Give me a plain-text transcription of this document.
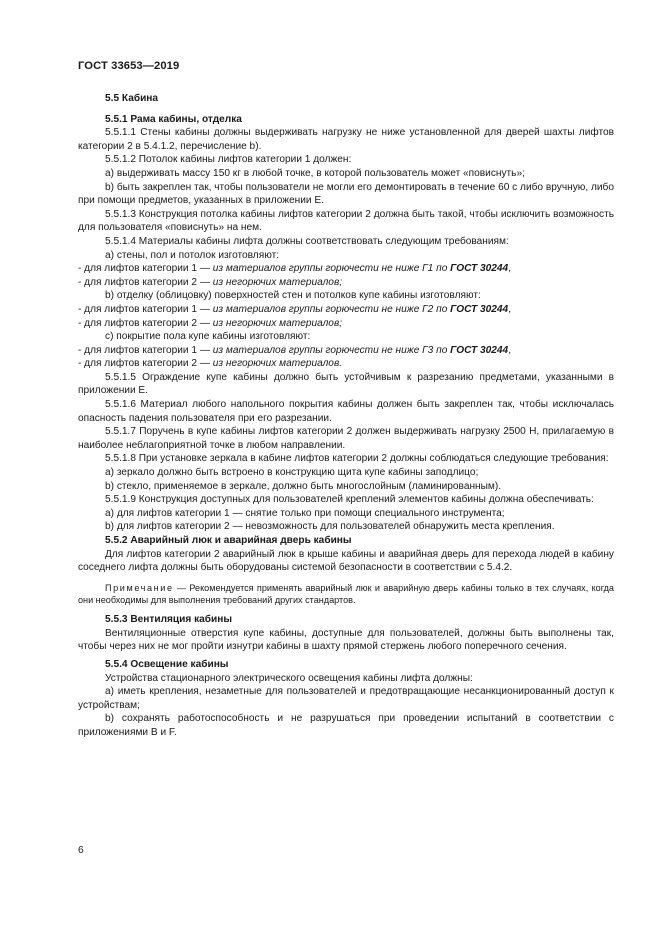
ГОСТ 33653—2019

5.5 Кабина

5.5.1 Рама кабины, отделка

5.5.1.1 Стены кабины должны выдерживать нагрузку не ниже установленной для дверей шахты лифтов категории 2 в 5.4.1.2, перечисление b).

5.5.1.2 Потолок кабины лифтов категории 1 должен:

a) выдерживать массу 150 кг в любой точке, в которой пользователь может «повиснуть»;

b) быть закреплен так, чтобы пользователи не могли его демонтировать в течение 60 с либо вручную, либо при помощи предметов, указанных в приложении Е.

5.5.1.3 Конструкция потолка кабины лифтов категории 2 должна быть такой, чтобы исключить возможность для пользователя «повиснуть» на нем.

5.5.1.4 Материалы кабины лифта должны соответствовать следующим требованиям:

a) стены, пол и потолок изготовляют:

- для лифтов категории 1 — из материалов группы горючести не ниже Г1 по ГОСТ 30244,

- для лифтов категории 2 — из негорючих материалов;

b) отделку (облицовку) поверхностей стен и потолков купе кабины изготовляют:

- для лифтов категории 1 — из материалов группы горючести не ниже Г2 по ГОСТ 30244,

- для лифтов категории 2 — из негорючих материалов;

c) покрытие пола купе кабины изготовляют:

- для лифтов категории 1 — из материалов группы горючести не ниже Г3 по ГОСТ 30244,

- для лифтов категории 2 — из негорючих материалов.

5.5.1.5 Ограждение купе кабины должно быть устойчивым к разрезанию предметами, указанными в приложении Е.

5.5.1.6 Материал любого напольного покрытия кабины должен быть закреплен так, чтобы исключалась опасность падения пользователя при его разрезании.

5.5.1.7 Поручень в купе кабины лифтов категории 2 должен выдерживать нагрузку 2500 Н, прилагаемую в наиболее неблагоприятной точке в любом направлении.

5.5.1.8 При установке зеркала в кабине лифтов категории 2 должны соблюдаться следующие требования:

a) зеркало должно быть встроено в конструкцию щита купе кабины заподлицо;

b) стекло, применяемое в зеркале, должно быть многослойным (ламинированным).

5.5.1.9 Конструкция доступных для пользователей креплений элементов кабины должна обеспечивать:

a) для лифтов категории 1 — снятие только при помощи специального инструмента;

b) для лифтов категории 2 — невозможность для пользователей обнаружить места крепления.

5.5.2 Аварийный люк и аварийная дверь кабины

Для лифтов категории 2 аварийный люк в крыше кабины и аварийная дверь для перехода людей в кабину соседнего лифта должны быть оборудованы системой безопасности в соответствии с 5.4.2.

Примечание — Рекомендуется применять аварийный люк и аварийную дверь кабины только в тех случаях, когда они необходимы для выполнения требований других стандартов.

5.5.3 Вентиляция кабины

Вентиляционные отверстия купе кабины, доступные для пользователей, должны быть выполнены так, чтобы через них не мог пройти изнутри кабины в шахту прямой стержень любого поперечного сечения.

5.5.4 Освещение кабины

Устройства стационарного электрического освещения кабины лифта должны:

a) иметь крепления, незаметные для пользователей и предотвращающие несанкционированный доступ к устройствам;

b) сохранять работоспособность и не разрушаться при проведении испытаний в соответствии с приложениями В и F.

6
